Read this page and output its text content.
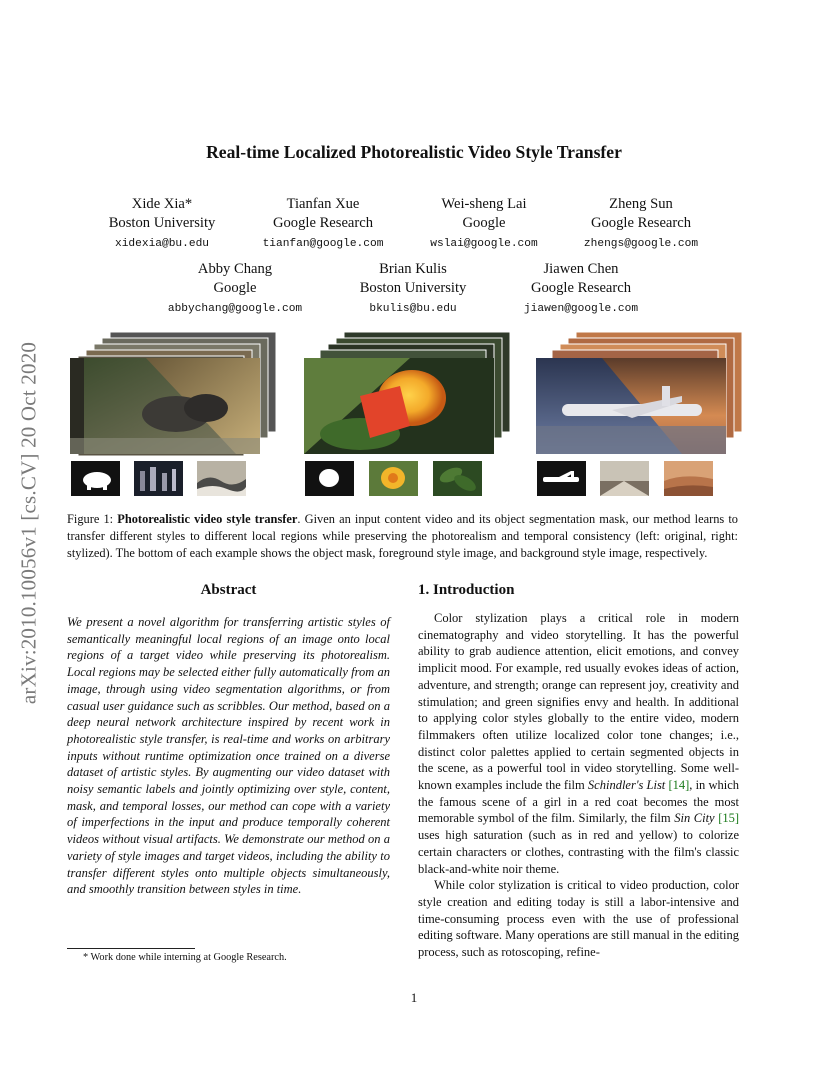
arXiv:2010.10056v1 [cs.CV] 20 Oct 2020
Real-time Localized Photorealistic Video Style Transfer
Xide Xia*
Boston University
xidexia@bu.edu
Tianfan Xue
Google Research
tianfan@google.com
Wei-sheng Lai
Google
wslai@google.com
Zheng Sun
Google Research
zhengs@google.com
Abby Chang
Google
abbychang@google.com
Brian Kulis
Boston University
bkulis@bu.edu
Jiawen Chen
Google Research
jiawen@google.com
Figure 1: Photorealistic video style transfer. Given an input content video and its object segmentation mask, our method learns to transfer different styles to different local regions while preserving the photorealism and temporal consistency (left: original, right: stylized). The bottom of each example shows the object mask, foreground style image, and background style image, respectively.
Abstract
We present a novel algorithm for transferring artistic styles of semantically meaningful local regions of an image onto local regions of a target video while preserving its photorealism. Local regions may be selected either fully automatically from an image, through using video segmentation algorithms, or from casual user guidance such as scribbles. Our method, based on a deep neural network architecture inspired by recent work in photorealistic style transfer, is real-time and works on arbitrary inputs without runtime optimization once trained on a diverse dataset of artistic styles. By augmenting our video dataset with noisy semantic labels and jointly optimizing over style, content, mask, and temporal losses, our method can cope with a variety of imperfections in the input and produce temporally coherent videos without visual artifacts. We demonstrate our method on a variety of style images and target videos, including the ability to transfer different styles onto multiple objects simultaneously, and smoothly transition between styles in time.
1. Introduction

Color stylization plays a critical role in modern cinematography and video storytelling. It has the powerful ability to grab audience attention, elicit emotions, and convey implicit mood. For example, red usually evokes ideas of action, adventure, and strength; orange can represent joy, creativity and stimulation; and green signifies envy and health. In additional to applying color styles globally to the entire video, modern filmmakers often utilize localized color tone changes; i.e., distinct color palettes applied to certain segmented objects in the scene, as a powerful tool in video storytelling. Some well-known examples include the film Schindler's List [14], in which the famous scene of a girl in a red coat becomes the most memorable symbol of the film. Similarly, the film Sin City [15] uses high saturation (such as in red and yellow) to colorize certain characters or clothes, contrasting with the film's classic black-and-white noir theme.

While color stylization is critical to video production, color style creation and editing today is still a labor-intensive and time-consuming process even with the use of professional editing software. Many operations are still manual in the editing process, such as rotoscoping, refine-

* Work done while interning at Google Research.
1
